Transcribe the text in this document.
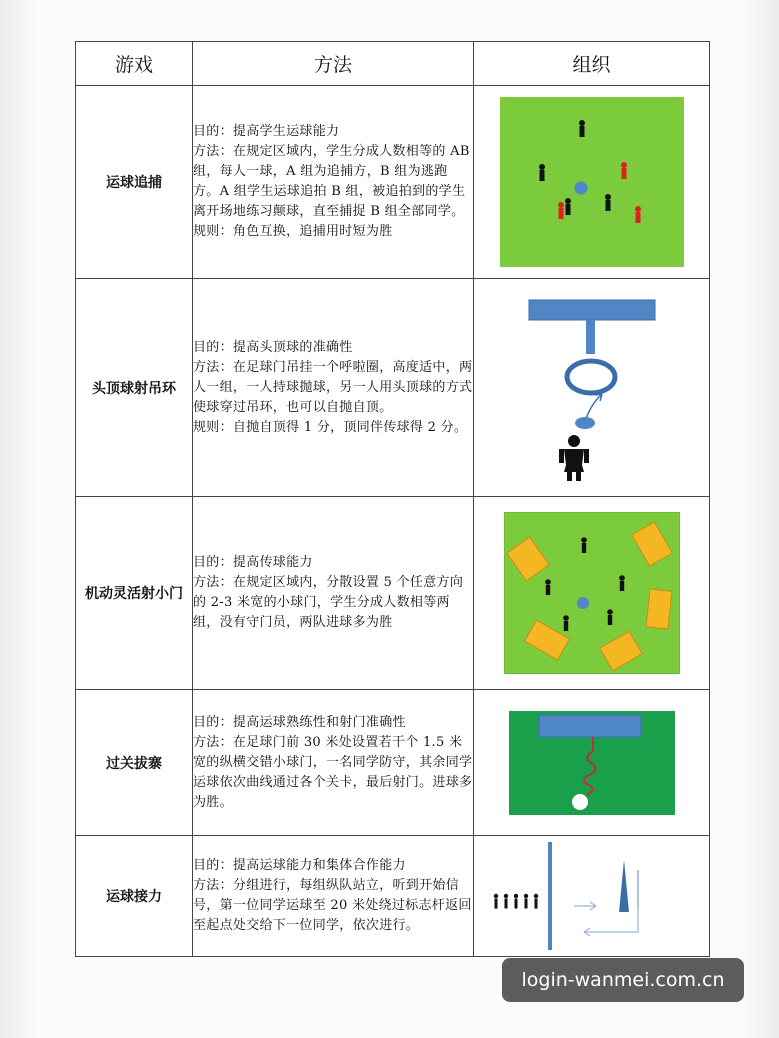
游戏	方法	组织
运球追捕	目的：提高学生运球能力
方法：在规定区域内，学生分成人数相等的 AB 组，每人一球，A 组为追捕方，B 组为逃跑方。A 组学生运球追拍 B 组，被追拍到的学生离开场地练习颠球，直至捕捉 B 组全部同学。
规则：角色互换，追捕用时短为胜

头顶球射吊环	目的：提高头顶球的准确性
方法：在足球门吊挂一个呼啦圈，高度适中，两人一组，一人持球抛球，另一人用头顶球的方式使球穿过吊环，也可以自抛自顶。
规则：自抛自顶得 1 分，顶同伴传球得 2 分。

机动灵活射小门	目的：提高传球能力
方法：在规定区域内，分散设置 5 个任意方向的 2-3 米宽的小球门，学生分成人数相等两组，没有守门员，两队进球多为胜

过关拔寨	目的：提高运球熟练性和射门准确性
方法：在足球门前 30 米处设置若干个 1.5 米宽的纵横交错小球门，一名同学防守，其余同学运球依次曲线通过各个关卡，最后射门。进球多为胜。

运球接力	目的：提高运球能力和集体合作能力
方法：分组进行，每组纵队站立，听到开始信号，第一位同学运球至 20 米处绕过标志杆返回至起点处交给下一位同学，依次进行。

login-wanmei.com.cn
